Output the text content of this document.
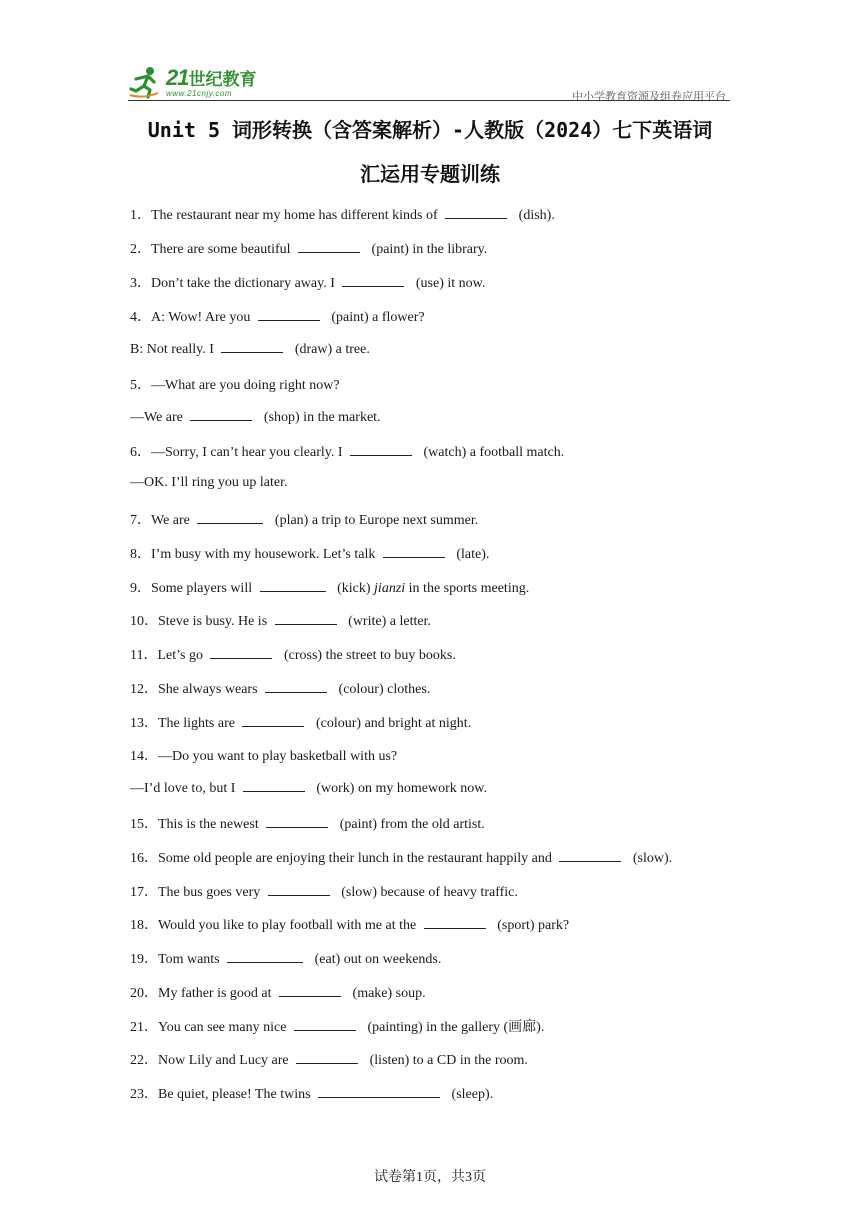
21世纪教育
www.21cnjy.com	中小学教育资源及组卷应用平台
Unit 5 词形转换（含答案解析）-人教版（2024）七下英语词
汇运用专题训练
1．The restaurant near my home has different kinds of	(dish).
2．There are some beautiful	(paint) in the library.
3．Don’t take the dictionary away. I	(use) it now.
4．A: Wow! Are you	(paint) a flower?
B: Not really. I	(draw) a tree.
5．—What are you doing right now?
—We are	(shop) in the market.
6．—Sorry, I can’t hear you clearly. I	(watch) a football match.
—OK. I’ll ring you up later.
7．We are	(plan) a trip to Europe next summer.
8．I’m busy with my housework. Let’s talk	(late).
9．Some players will	(kick) jianzi in the sports meeting.
10．Steve is busy. He is	(write) a letter.
11．Let’s go	(cross) the street to buy books.
12．She always wears	(colour) clothes.
13．The lights are	(colour) and bright at night.
14．—Do you want to play basketball with us?
—I’d love to, but I	(work) on my homework now.
15．This is the newest	(paint) from the old artist.
16．Some old people are enjoying their lunch in the restaurant happily and	(slow).
17．The bus goes very	(slow) because of heavy traffic.
18．Would you like to play football with me at the	(sport) park?
19．Tom wants	(eat) out on weekends.
20．My father is good at	(make) soup.
21．You can see many nice	(painting) in the gallery (画廊).
22．Now Lily and Lucy are	(listen) to a CD in the room.
23．Be quiet, please! The twins	(sleep).
试卷第1页，共3页
